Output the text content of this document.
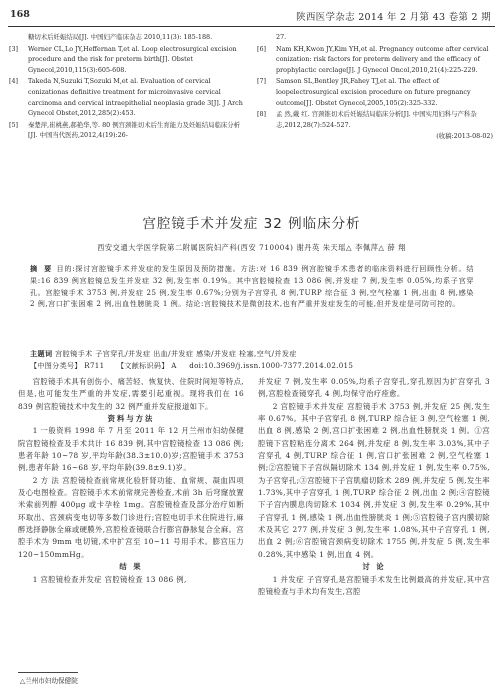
168	陕西医学杂志 2014 年 2 月第 43 卷第 2 期
糖切术后妊娠结局[J]. 中国妇产临床杂志 2010,11(3): 185-188.
[3] Werner CL,Lo JY,Heffernan T,et al. Loop electrosurgical excision procedure and the risk for preterm birth[J]. Obstet Gynecol,2010,115(3):605-608.
[4] Takeda N,Suzuki T,Sozuki M,et al. Evaluation of cervical conizationas definitive treatment for microinvasive cervical carcinoma and cervical intraepithelial neoplasia grade 3[J]. J Arch Gynecol Obstet,2012,285(2):453.
[5] 秦楚萍,崔桃燕,郝艳华,等. 80 例宫颈锥切术后生育能力及妊娠结局临床分析[J]. 中国当代医药,2012,4(19):26-
27.
[6] Nam KH,Kwon JY,Kim YH,et al. Pregnancy outcome after cervical conization: risk factors for preterm delivery and the efficacy of prophylactic cerclage[J]. J Gynecol Oncol,2010,21(4):225-229.
[7] Samson SL,Bentley JR,Fahey TJ,et al. The effect of loopelectrosurgical excision procedure on future pregnancy outcome[J]. Obstet Gynecol,2005,105(2):325-332.
[8] 孟 然,戴 红. 宫颈锥切术后妊娠结局临床分析[J]. 中国实用妇科与产科杂志,2012,28(7):524-527.
(收稿:2013-08-02)
宫腔镜手术并发症 32 例临床分析
西安交通大学医学院第二附属医院妇产科(西安 710004) 谢丹英 朱天瑶△ 李佩萍△ 薛 翔
摘 要 目的:探讨宫腔镜手术并发症的发生原因及预防措施。方法:对 16 839 例宫腔镜手术患者的临床资料进行回顾性分析。结果:16 839 例宫腔镜总发生并发症 32 例,发生率 0.19%。其中宫腔镜检查 13 086 例,并发症 7 例,发生率 0.05%,均系子宫穿孔。宫腔镜手术 3753 例,并发症 25 例,发生率 0.67%;分别为子宫穿孔 8 例,TURP 综合征 3 例,空气栓塞 1 例,出血 8 例,感染 2 例,宫口扩张困难 2 例,出血性膀胱炎 1 例。结论:宫腔镜技术是微创技术,也有严重并发症发生的可能,但并发症是可防可控的。
主题词 宫腔镜手术 子宫穿孔/并发症 出血/并发症 感染/并发症 栓塞,空气/并发症
【中图分类号】 R711 【文献标识码】 A doi:10.3969/j.issn.1000-7377.2014.02.015

宫腔镜手术具有创伤小、痛苦轻、恢复快、住院时间短等特点,但是,也可能发生严重的并发症,需要引起重视。现将我们在 16 839 例宫腔镜技术中发生的 32 例严重并发症报道如下。

资料与方法

1 一般资料 1998 年 7 月至 2011 年 12 月兰州市妇幼保健院宫腔镜检查及手术共计 16 839 例,其中宫腔镜检查 13 086 例;患者年龄 10~78 岁,平均年龄(38.3±10.0)岁;宫腔镜手术 3753 例,患者年龄 16~68 岁,平均年龄(39.8±9.1)岁。

2 方 法 宫腔镜检查前常规化验肝肾功能、血常规、凝血四项及心电图检查。宫腔镜手术术前常规完善检查,术前 3h 后穹窿放置米索前列醇 400μg 或卡孕栓 1mg。宫腔镜检查及部分治疗如断环取出、宫颈病变电切等多数门诊进行;宫腔电切手术住院进行,麻醉选择静脉全麻或硬膜外,宫腔检查镜联合行膨宫静脉复合全麻。宫腔手术为 9mm 电切镜,术中扩宫至 10~11 号用手术。膨宫压力 120~150mmHg。

结 果

1 宫腔镜检查并发症 宫腔镜检查 13 086 例,

并发症 7 例,发生率 0.05%,均系子宫穿孔,穿孔原因为扩宫穿孔 3 例,宫腔检查镜穿孔 4 例,均保守治疗痊愈。

2 宫腔镜手术并发症 宫腔镜手术 3753 例,并发症 25 例,发生率 0.67%。其中子宫穿孔 8 例,TURP 综合征 3 例,空气栓塞 1 例,出血 8 例,感染 2 例,宫口扩张困难 2 例,出血性膀胱炎 1 例。①宫腔镜下宫腔粘连分离术 264 例,并发症 8 例,发生率 3.03%,其中子宫穿孔 4 例,TURP 综合征 1 例,宫口扩张困难 2 例,空气栓塞 1 例;②宫腔镜下子宫纵隔切除术 134 例,并发症 1 例,发生率 0.75%,为子宫穿孔;③宫腔镜下子宫肌瘤切除术 289 例,并发症 5 例,发生率 1.73%,其中子宫穿孔 1 例,TURP 综合征 2 例,出血 2 例;④宫腔镜下子宫内膜息肉切除术 1034 例,并发症 3 例,发生率 0.29%,其中子宫穿孔 1 例,感染 1 例,出血性膀胱炎 1 例;⑤宫腔镜子宫内膜切除术及其它 277 例,并发症 3 例,发生率 1.08%,其中子宫穿孔 1 例,出血 2 例;⑥宫腔镜宫颈病变切除术 1755 例,并发症 5 例,发生率 0.28%,其中感染 1 例,出血 4 例。

讨 论

1 并发症 子宫穿孔是宫腔镜手术发生比例最高的并发症,其中宫腔镜检查与手术均有发生,宫腔

△兰州市妇幼保健院
